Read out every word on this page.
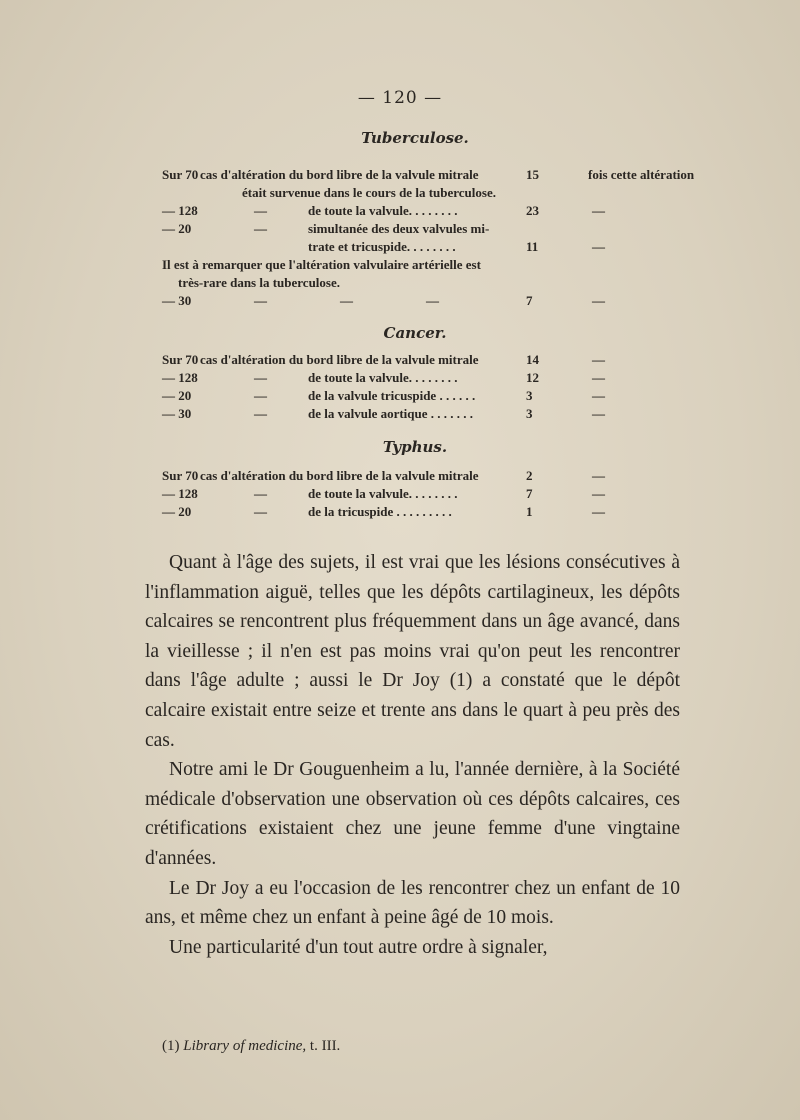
— 120 —
Tuberculose.
Sur 70 cas d'altération du bord libre de la valvule mitrale	15	fois cette altération
était survenue dans le cours de la tuberculose.
— 128	—	de toute la valvule. . . . . . . .	23	—
— 20	—	simultanée des deux valvules mi-
trate et tricuspide. . . . . . . .	11	—
Il est à remarquer que l'altération valvulaire artérielle est
très-rare dans la tuberculose.
— 30	—	—	—	7	—
Cancer.
Sur 70 cas d'altération du bord libre de la valvule mitrale	14	—
— 128	—	de toute la valvule. . . . . . . .	12	—
— 20	—	de la valvule tricuspide . . . . . .	3	—
— 30	—	de la valvule aortique . . . . . . .	3	—
Typhus.
Sur 70 cas d'altération du bord libre de la valvule mitrale	2	—
— 128	—	de toute la valvule. . . . . . . .	7	—
— 20	—	de la tricuspide . . . . . . . . .	1	—

Quant à l'âge des sujets, il est vrai que les lésions consécutives à l'inflammation aiguë, telles que les dépôts cartilagineux, les dépôts calcaires se rencontrent plus fréquemment dans un âge avancé, dans la vieillesse ; il n'en est pas moins vrai qu'on peut les rencontrer dans l'âge adulte ; aussi le Dr Joy (1) a constaté que le dépôt calcaire existait entre seize et trente ans dans le quart à peu près des cas.

Notre ami le Dr Gouguenheim a lu, l'année dernière, à la Société médicale d'observation une observation où ces dépôts calcaires, ces crétifications existaient chez une jeune femme d'une vingtaine d'années.

Le Dr Joy a eu l'occasion de les rencontrer chez un enfant de 10 ans, et même chez un enfant à peine âgé de 10 mois.

Une particularité d'un tout autre ordre à signaler,

(1) Library of medicine, t. III.
